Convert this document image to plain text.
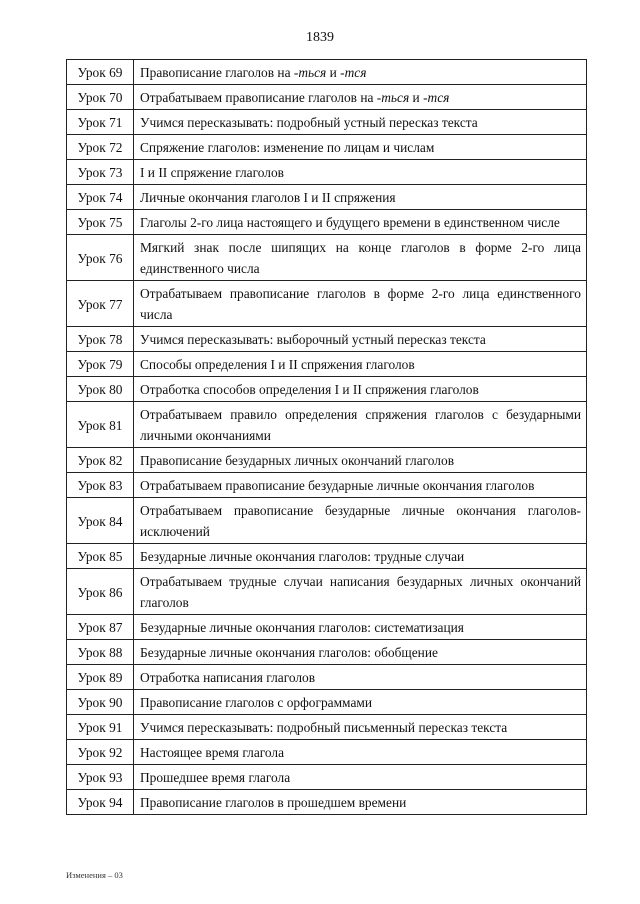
1839
Урок 69	Правописание глаголов на -ться и -тся
Урок 70	Отрабатываем правописание глаголов на -ться и -тся
Урок 71	Учимся пересказывать: подробный устный пересказ текста
Урок 72	Спряжение глаголов: изменение по лицам и числам
Урок 73	I и II спряжение глаголов
Урок 74	Личные окончания глаголов I и II спряжения
Урок 75	Глаголы 2-го лица настоящего и будущего времени в единственном числе
Урок 76	Мягкий знак после шипящих на конце глаголов в форме 2-го лица единственного числа
Урок 77	Отрабатываем правописание глаголов в форме 2-го лица единственного числа
Урок 78	Учимся пересказывать: выборочный устный пересказ текста
Урок 79	Способы определения I и II спряжения глаголов
Урок 80	Отработка способов определения I и II спряжения глаголов
Урок 81	Отрабатываем правило определения спряжения глаголов с безударными личными окончаниями
Урок 82	Правописание безударных личных окончаний глаголов
Урок 83	Отрабатываем правописание безударные личные окончания глаголов
Урок 84	Отрабатываем правописание безударные личные окончания глаголов-исключений
Урок 85	Безударные личные окончания глаголов: трудные случаи
Урок 86	Отрабатываем трудные случаи написания безударных личных окончаний глаголов
Урок 87	Безударные личные окончания глаголов: систематизация
Урок 88	Безударные личные окончания глаголов: обобщение
Урок 89	Отработка написания глаголов
Урок 90	Правописание глаголов с орфограммами
Урок 91	Учимся пересказывать: подробный письменный пересказ текста
Урок 92	Настоящее время глагола
Урок 93	Прошедшее время глагола
Урок 94	Правописание глаголов в прошедшем времени
Изменения – 03
